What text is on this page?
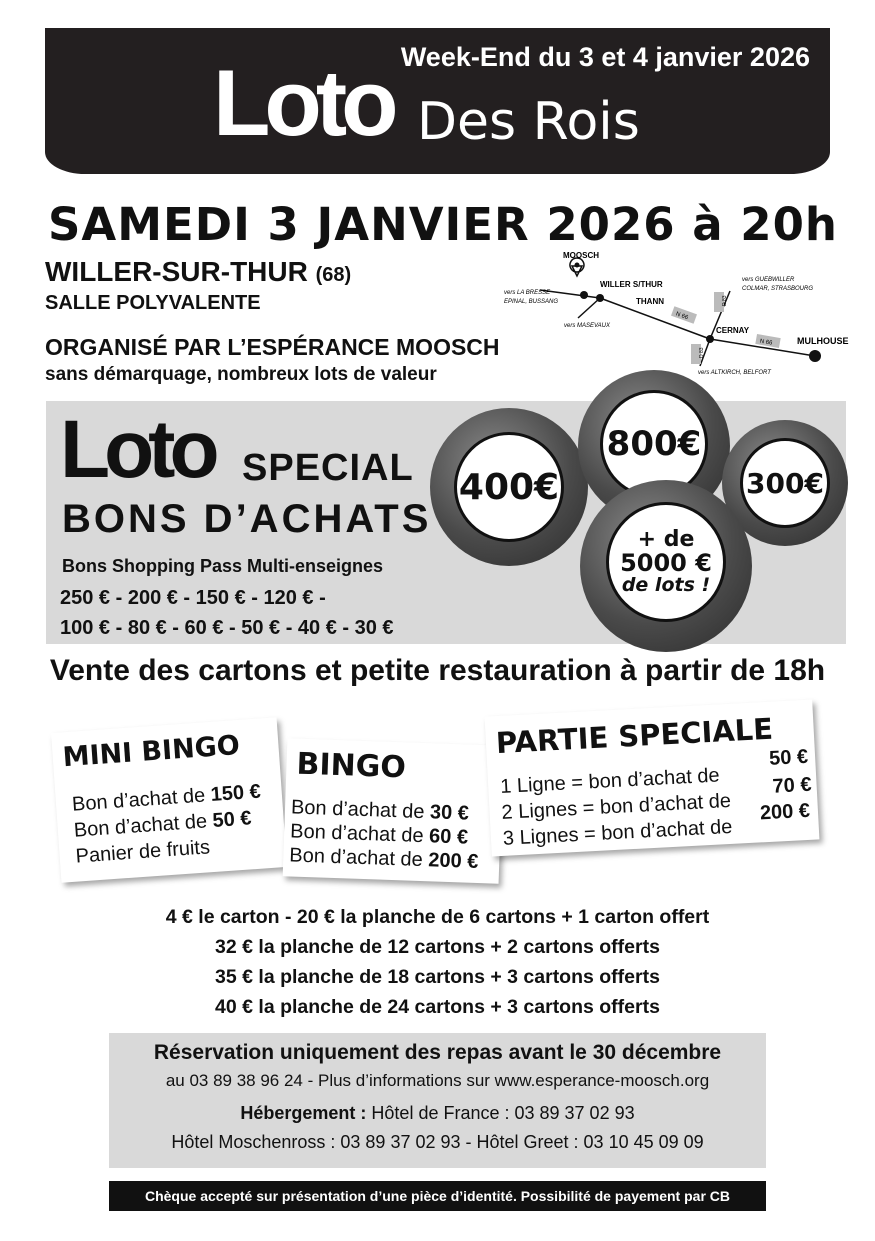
Week-End du 3 et 4 janvier 2026
Loto Des Rois
SAMEDI 3 JANVIER 2026 à 20h
WILLER-SUR-THUR (68)
SALLE POLYVALENTE
ORGANISÉ PAR L’ESPÉRANCE MOOSCH
sans démarquage, nombreux lots de valeur
MOOSCH
WILLER S/THUR
THANN
CERNAY
MULHOUSE
vers LA BRESSE
EPINAL, BUSSANG
vers MASEVAUX
vers GUEBWILLER
COLMAR, STRASBOURG
vers ALTKIRCH, BELFORT
N 66
N 66
D 83
D 83
Loto SPECIAL
BONS D’ACHATS
Bons Shopping Pass Multi-enseignes
250 € - 200 € - 150 € - 120 € -
100 € - 80 € - 60 € - 50 € - 40 € - 30 €
400€
800€
300€
+ de
5000 €
de lots !
Vente des cartons et petite restauration à partir de 18h
MINI BINGO
Bon d’achat de 150 €
Bon d’achat de 50 €
Panier de fruits
BINGO
Bon d’achat de 30 €
Bon d’achat de 60 €
Bon d’achat de 200 €
PARTIE SPECIALE
1 Ligne = bon d’achat de
50 €
2 Lignes = bon d’achat de
70 €
3 Lignes = bon d’achat de
200 €
4 € le carton - 20 € la planche de 6 cartons + 1 carton offert
32 € la planche de 12 cartons + 2 cartons offerts
35 € la planche de 18 cartons + 3 cartons offerts
40 € la planche de 24 cartons + 3 cartons offerts
Réservation uniquement des repas avant le 30 décembre
au 03 89 38 96 24 - Plus d’informations sur www.esperance-moosch.org
Hébergement : Hôtel de France : 03 89 37 02 93
Hôtel Moschenross : 03 89 37 02 93 - Hôtel Greet : 03 10 45 09 09
Chèque accepté sur présentation d’une pièce d’identité. Possibilité de payement par CB
